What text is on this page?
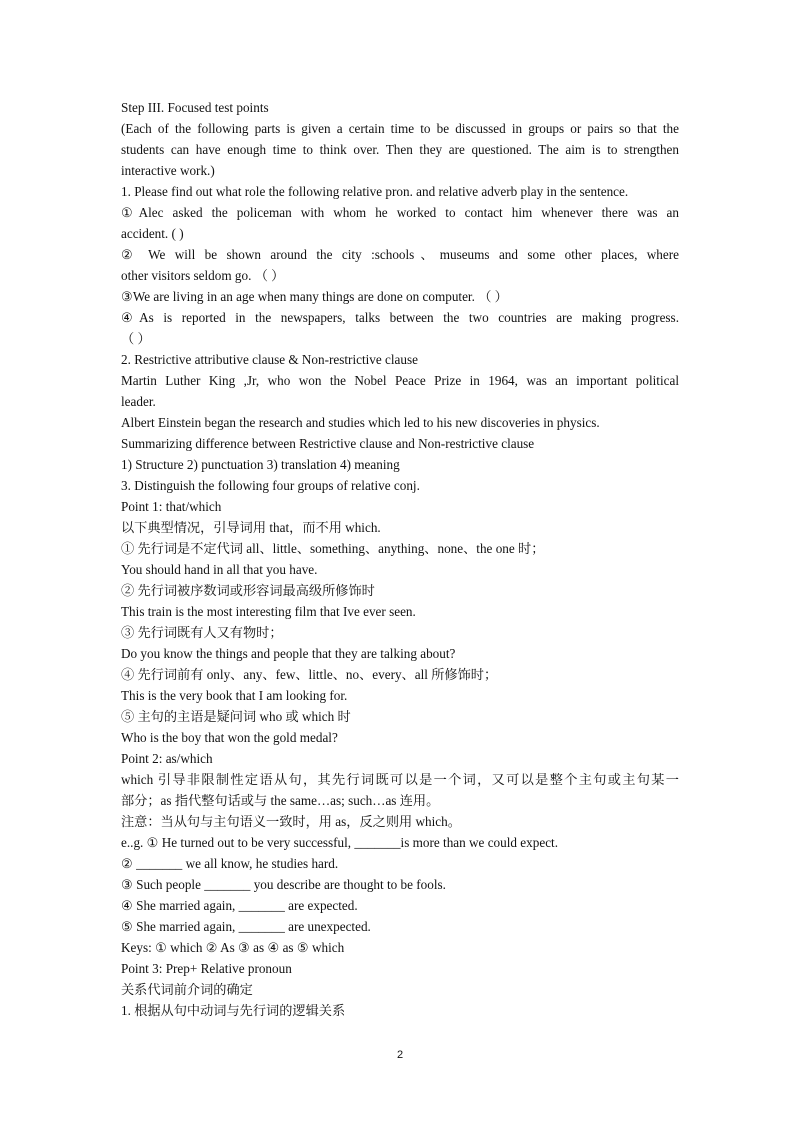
Step III. Focused test points
(Each of the following parts is given a certain time to be discussed in groups or pairs so that the
students can have enough time to think over. Then they are questioned. The aim is to strengthen
interactive work.)
1. Please find out what role the following relative pron. and relative adverb play in the sentence.
①Alec asked the policeman with whom he worked to contact him whenever there was an
accident. ( )
② We will be shown around the city :schools、museums and some other places, where
other visitors seldom go. （ ）
③We are living in an age when many things are done on computer. （ ）
④As is reported in the newspapers, talks between the two countries are making progress.
（ ）
2. Restrictive attributive clause & Non-restrictive clause
Martin Luther King ,Jr, who won the Nobel Peace Prize in 1964, was an important political
leader.
Albert Einstein began the research and studies which led to his new discoveries in physics.
Summarizing difference between Restrictive clause and Non-restrictive clause
1) Structure 2) punctuation 3) translation 4) meaning
3. Distinguish the following four groups of relative conj.
Point 1: that/which
以下典型情况，引导词用 that，而不用 which.
① 先行词是不定代词 all、little、something、anything、none、the one 时；
You should hand in all that you have.
② 先行词被序数词或形容词最高级所修饰时
This train is the most interesting film that Ive ever seen.
③ 先行词既有人又有物时；
Do you know the things and people that they are talking about?
④ 先行词前有 only、any、few、little、no、every、all 所修饰时；
This is the very book that I am looking for.
⑤ 主句的主语是疑问词 who 或 which 时
Who is the boy that won the gold medal?
Point 2: as/which
which 引导非限制性定语从句，其先行词既可以是一个词，又可以是整个主句或主句某一
部分；as 指代整句话或与 the same…as; such…as 连用。
注意：当从句与主句语义一致时，用 as，反之则用 which。
e..g. ① He turned out to be very successful, _______is more than we could expect.
② _______ we all know, he studies hard.
③ Such people _______ you describe are thought to be fools.
④ She married again, _______ are expected.
⑤ She married again, _______ are unexpected.
Keys: ① which ② As ③ as ④ as ⑤ which
Point 3: Prep+ Relative pronoun
关系代词前介词的确定
1. 根据从句中动词与先行词的逻辑关系
2
